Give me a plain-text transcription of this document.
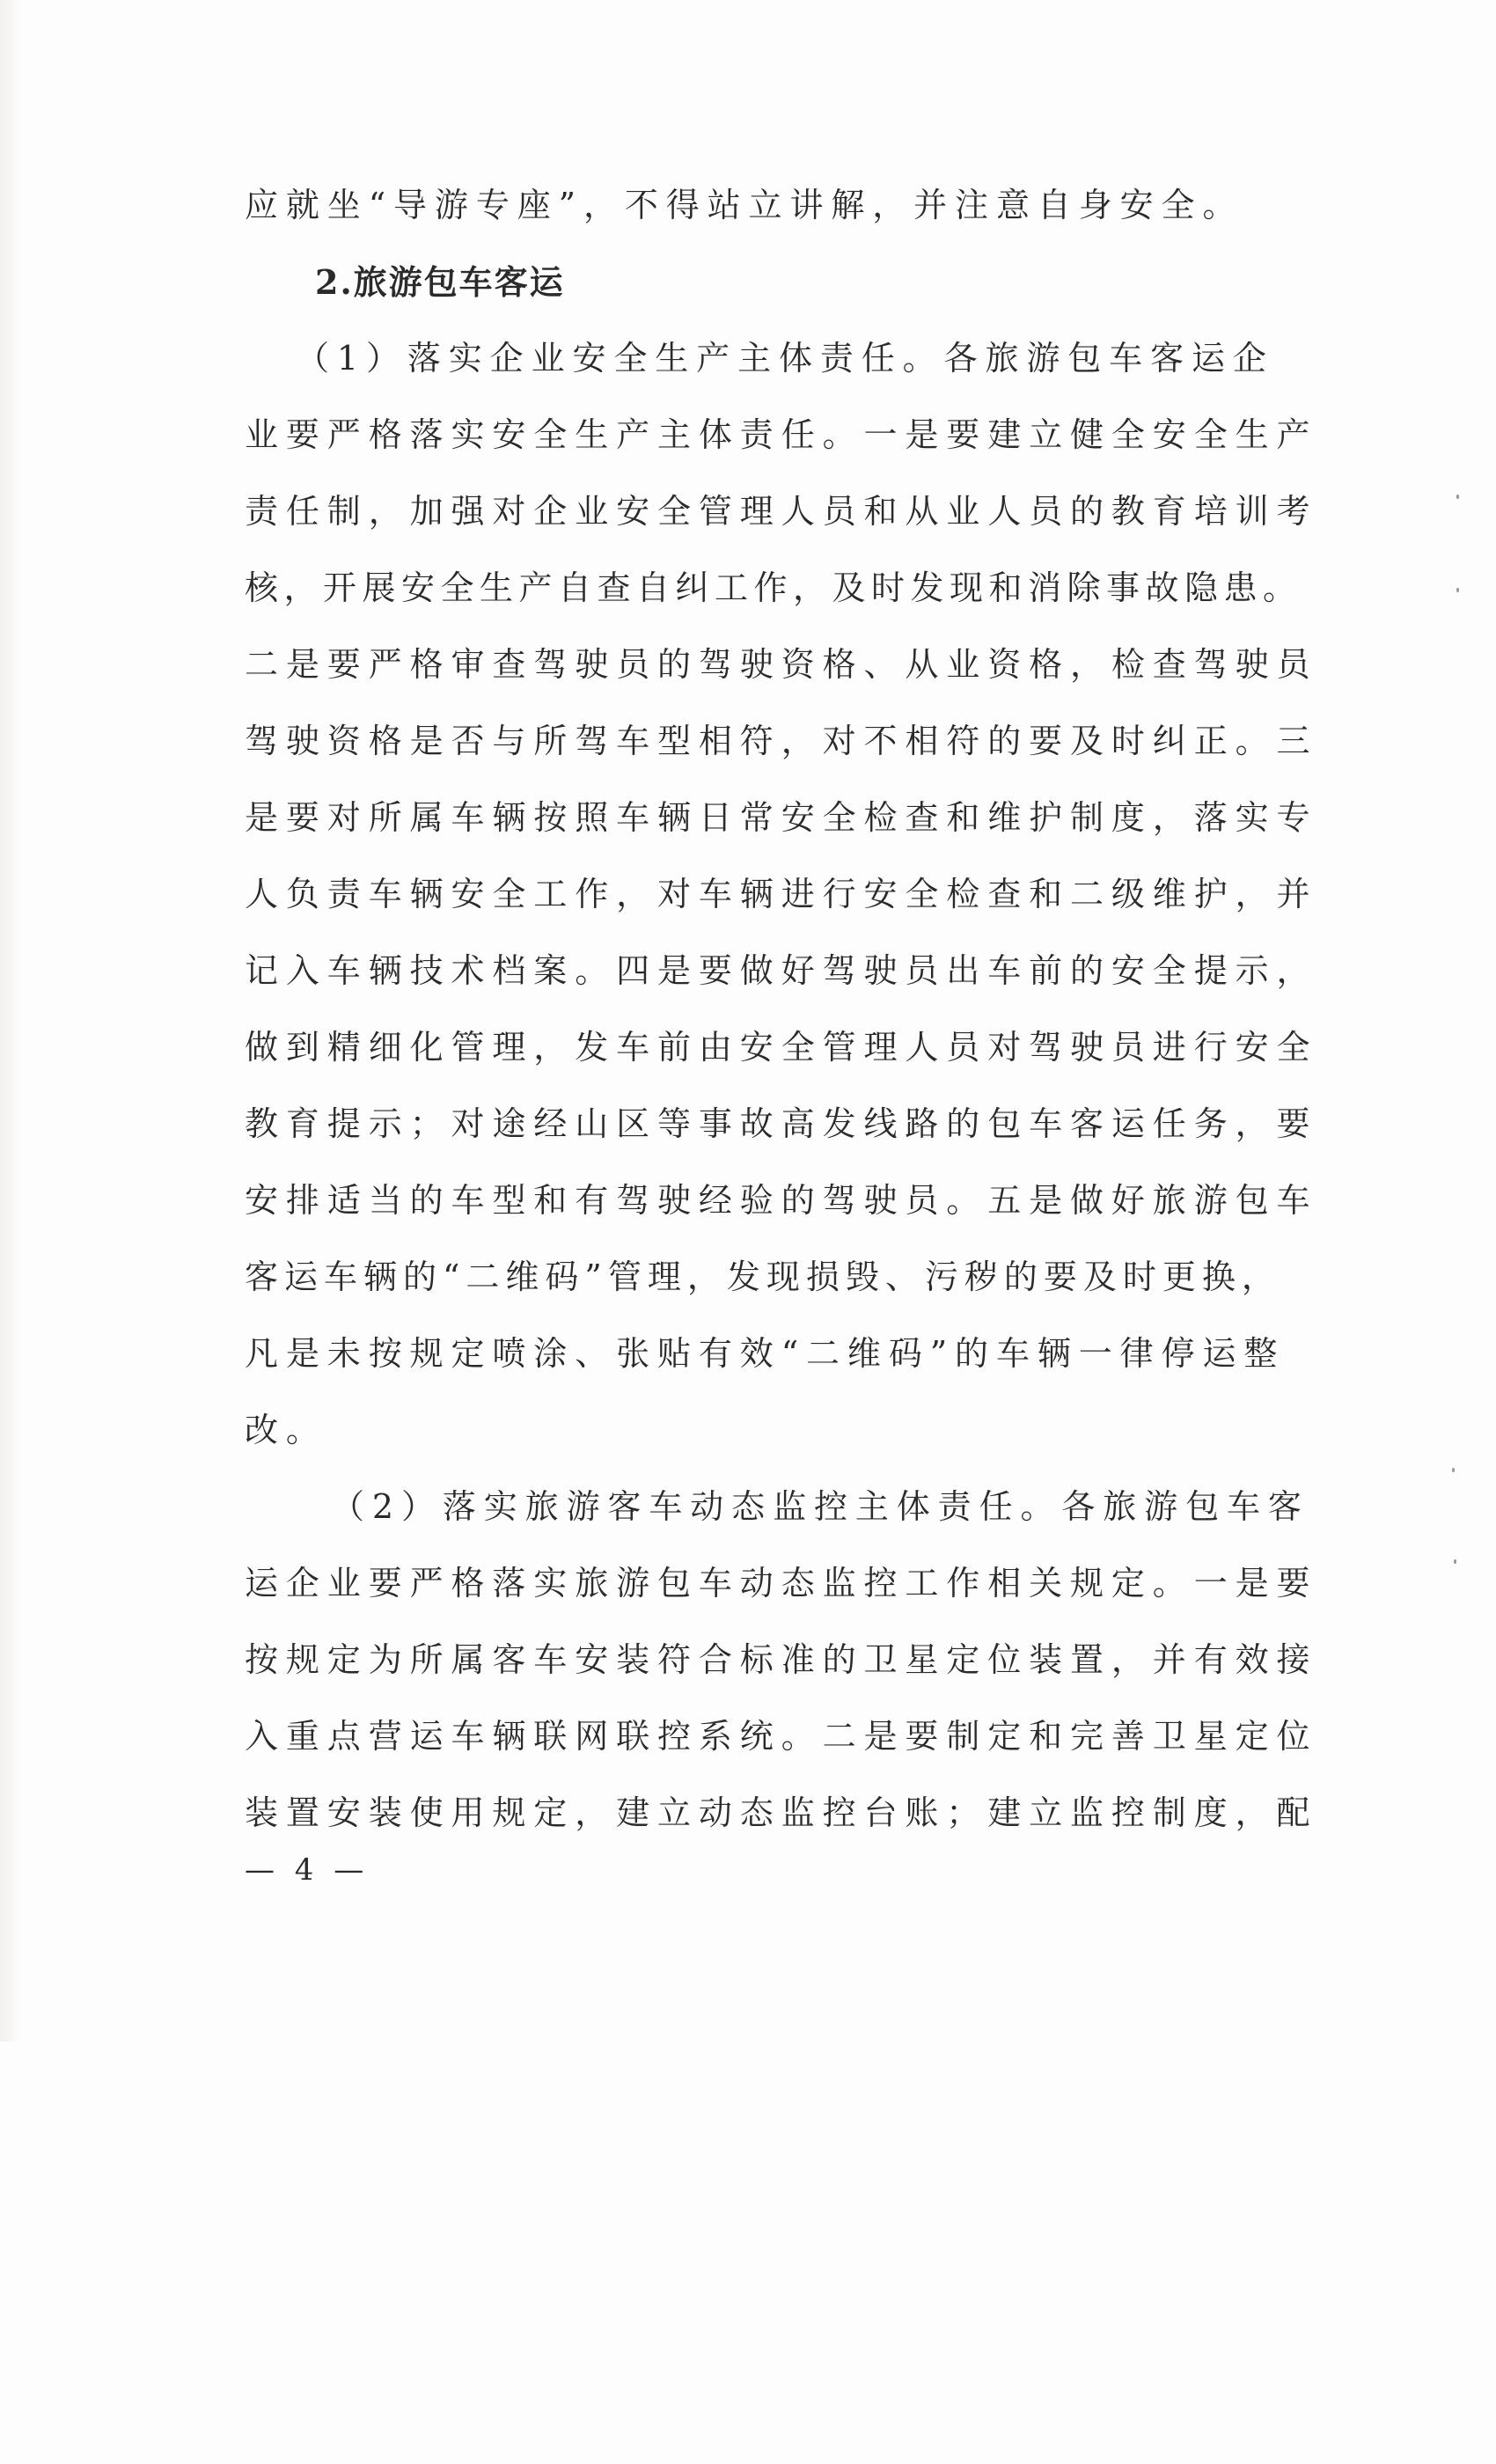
应就坐“导游专座”，不得站立讲解，并注意自身安全。
2.旅游包车客运
（1）落实企业安全生产主体责任。各旅游包车客运企
业要严格落实安全生产主体责任。一是要建立健全安全生产
责任制，加强对企业安全管理人员和从业人员的教育培训考
核，开展安全生产自查自纠工作，及时发现和消除事故隐患。
二是要严格审查驾驶员的驾驶资格、从业资格，检查驾驶员
驾驶资格是否与所驾车型相符，对不相符的要及时纠正。三
是要对所属车辆按照车辆日常安全检查和维护制度，落实专
人负责车辆安全工作，对车辆进行安全检查和二级维护，并
记入车辆技术档案。四是要做好驾驶员出车前的安全提示，
做到精细化管理，发车前由安全管理人员对驾驶员进行安全
教育提示；对途经山区等事故高发线路的包车客运任务，要
安排适当的车型和有驾驶经验的驾驶员。五是做好旅游包车
客运车辆的“二维码”管理，发现损毁、污秽的要及时更换，
凡是未按规定喷涂、张贴有效“二维码”的车辆一律停运整
改。
（2）落实旅游客车动态监控主体责任。各旅游包车客
运企业要严格落实旅游包车动态监控工作相关规定。一是要
按规定为所属客车安装符合标准的卫星定位装置，并有效接
入重点营运车辆联网联控系统。二是要制定和完善卫星定位
装置安装使用规定，建立动态监控台账；建立监控制度，配
— 4 —
